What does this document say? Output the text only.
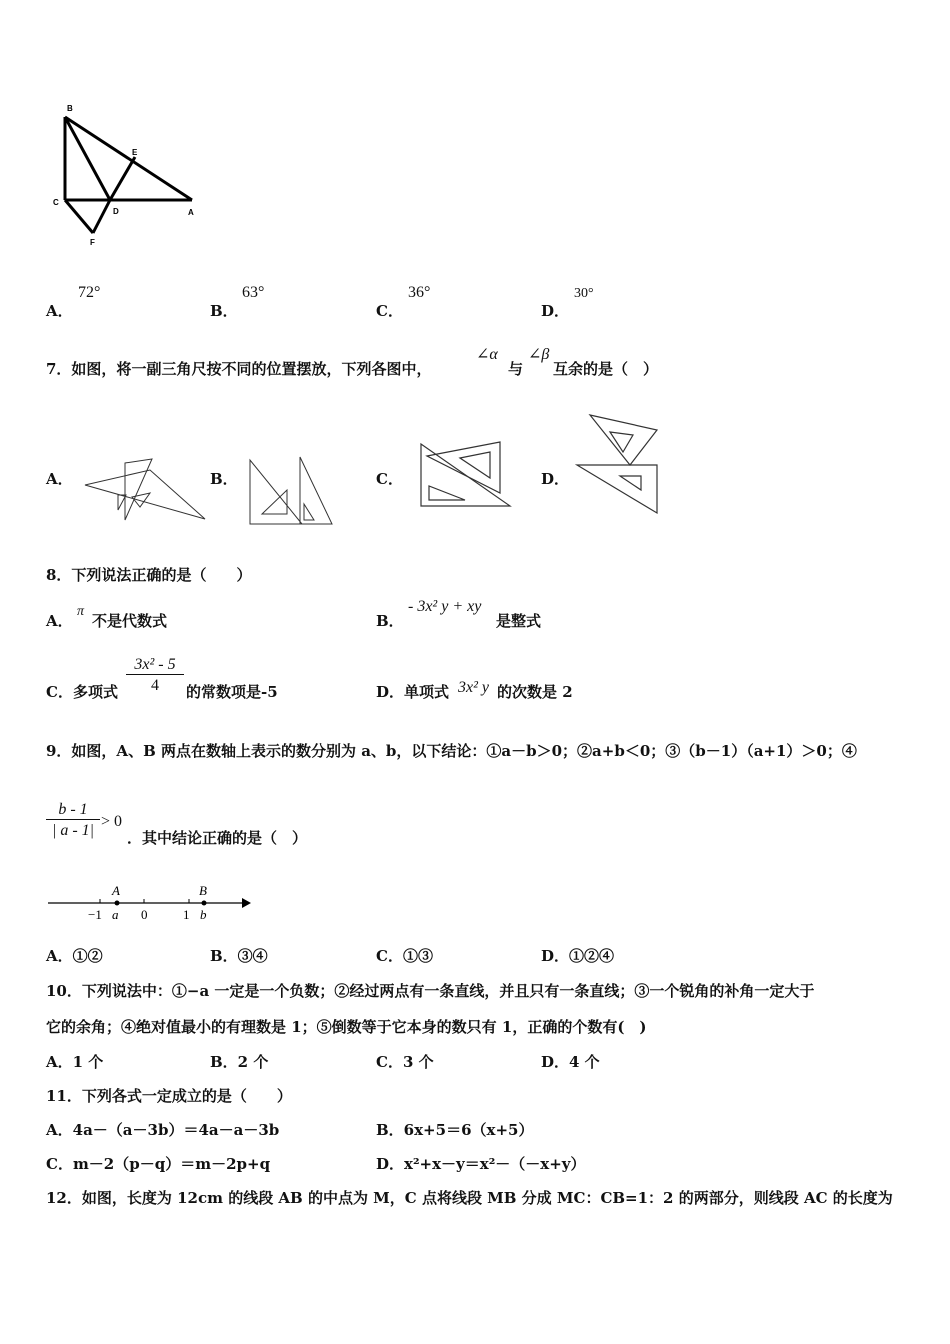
B
E
C
D	A
F
A．
72°
B．
63°
C．
36°
D．
30°
7．如图，将一副三角尺按不同的位置摆放，下列各图中，
∠α
与
∠β
互余的是（　）
A．	B．	C．	D．
8．下列说法正确的是（　　）
A．
π
不是代数式	B．
- 3x² y + xy
是整式
C．多项式 $\frac{\text{3x² - 5}}{4}$ 的常数项是-5	D．单项式 3x² y 的次数是 2
9．如图，A、B 两点在数轴上表示的数分别为 a、b，以下结论：①a－b＞0；②a+b＜0；③（b－1）（a+1）＞0；④
$\frac{b - 1}{| a - 1|} > 0$
．其中结论正确的是（　）
A	B
−1 a 0	1 b
A．①②	B．③④	C．①③	D．①②④
10．下列说法中：①−a 一定是一个负数；②经过两点有一条直线，并且只有一条直线；③一个锐角的补角一定大于
它的余角；④绝对值最小的有理数是 1；⑤倒数等于它本身的数只有 1，正确的个数有(　)
A．1 个	B．2 个	C．3 个	D．4 个
11．下列各式一定成立的是（　　）
A．4a－（a－3b）＝4a－a－3b	B．6x+5＝6（x+5）
C．m－2（p－q）＝m－2p+q	D．x²+x－y＝x²－（－x+y）
12．如图，长度为 12cm 的线段 AB 的中点为 M，C 点将线段 MB 分成 MC：CB=1：2 的两部分，则线段 AC 的长度为
